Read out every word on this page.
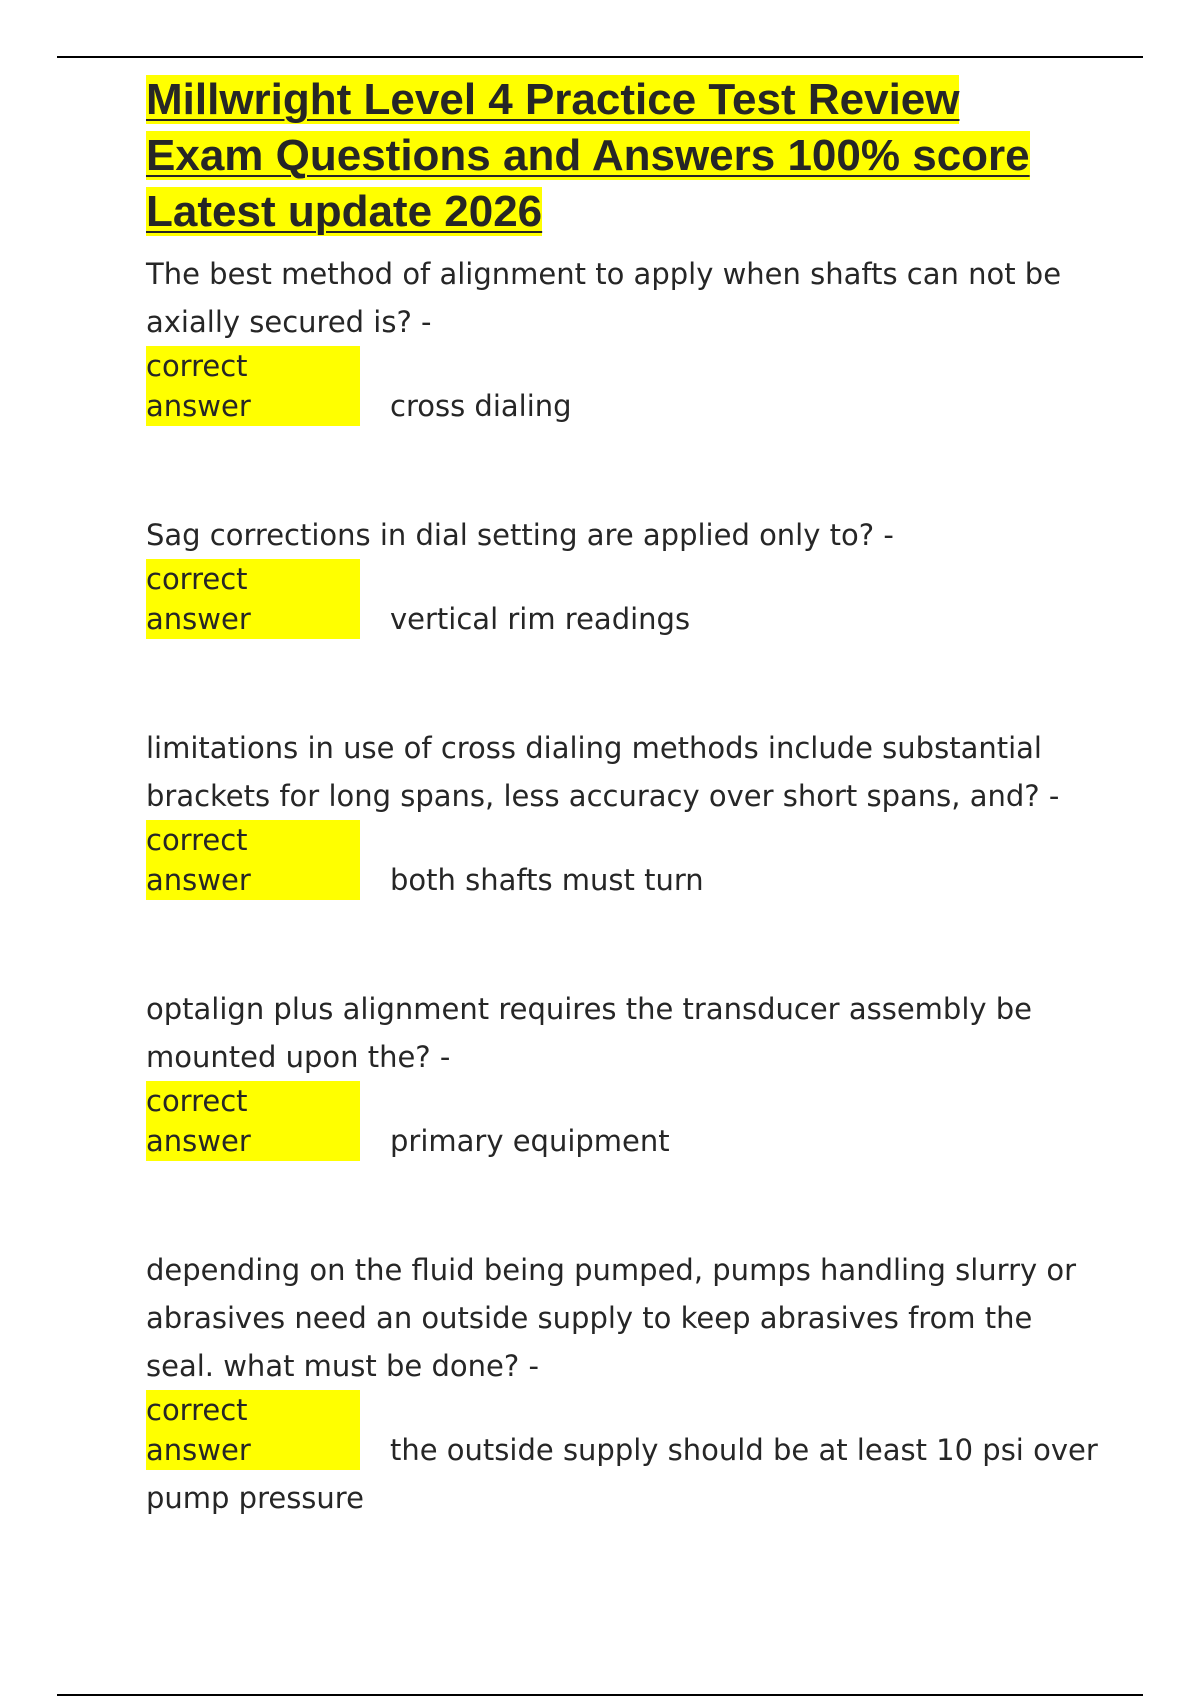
Millwright Level 4 Practice Test Review Exam Questions and Answers 100% score Latest update 2026

The best method of alignment to apply when shafts can not be axially secured is? -

correct answer	cross dialing

Sag corrections in dial setting are applied only to? -

correct answer	vertical rim readings

limitations in use of cross dialing methods include substantial brackets for long spans, less accuracy over short spans, and? -

correct answer	both shafts must turn

optalign plus alignment requires the transducer assembly be mounted upon the? -

correct answer	primary equipment

depending on the fluid being pumped, pumps handling slurry or abrasives need an outside supply to keep abrasives from the seal. what must be done? -

correct answer	the outside supply should be at least 10 psi over pump pressure
